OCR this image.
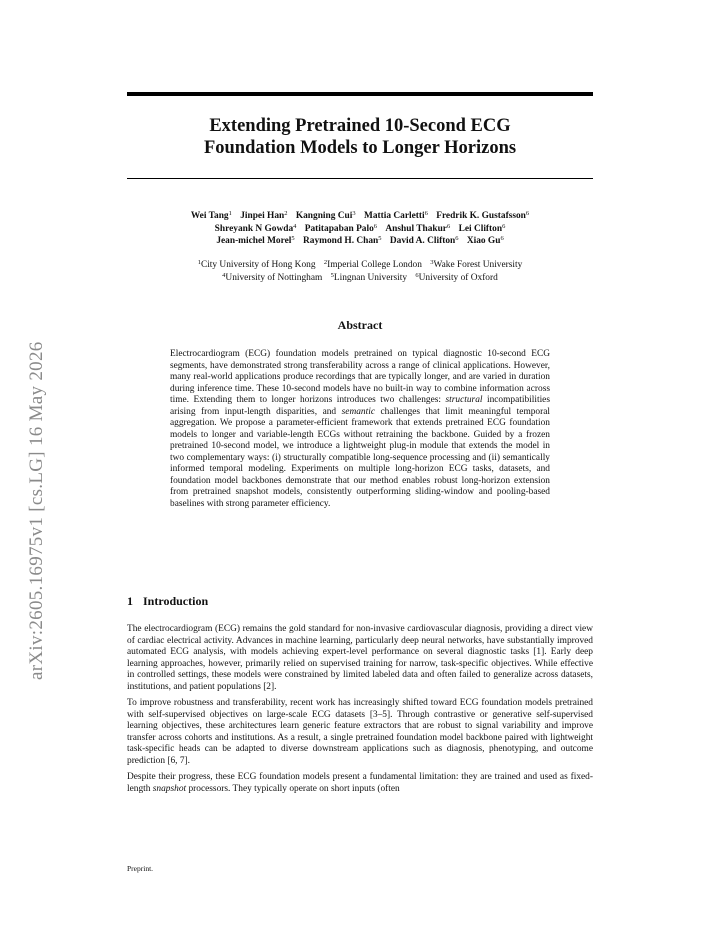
arXiv:2605.16975v1 [cs.LG] 16 May 2026
Extending Pretrained 10-Second ECG
Foundation Models to Longer Horizons
Wei Tang$^1$ Jinpei Han$^2$ Kangning Cui$^3$ Mattia Carletti$^6$ Fredrik K. Gustafsson$^6$
Shreyank N Gowda$^4$ Patitapaban Palo$^6$ Anshul Thakur$^6$ Lei Clifton$^6$
Jean-michel Morel$^5$ Raymond H. Chan$^5$ David A. Clifton$^6$ Xiao Gu$^6$
$^1$City University of Hong Kong $^2$Imperial College London $^3$Wake Forest University
$^4$University of Nottingham $^5$Lingnan University $^6$University of Oxford
Abstract

Electrocardiogram (ECG) foundation models pretrained on typical diagnostic 10-second ECG segments, have demonstrated strong transferability across a range of clinical applications. However, many real-world applications produce recordings that are typically longer, and are varied in duration during inference time. These 10-second models have no built-in way to combine information across time. Extending them to longer horizons introduces two challenges: structural incompatibilities arising from input-length disparities, and semantic challenges that limit meaningful temporal aggregation. We propose a parameter-efficient framework that extends pretrained ECG foundation models to longer and variable-length ECGs without retraining the backbone. Guided by a frozen pretrained 10-second model, we introduce a lightweight plug-in module that extends the model in two complementary ways: (i) structurally compatible long-sequence processing and (ii) semantically informed temporal modeling. Experiments on multiple long-horizon ECG tasks, datasets, and foundation model backbones demonstrate that our method enables robust long-horizon extension from pretrained snapshot models, consistently outperforming sliding-window and pooling-based baselines with strong parameter efficiency.

1 Introduction

The electrocardiogram (ECG) remains the gold standard for non-invasive cardiovascular diagnosis, providing a direct view of cardiac electrical activity. Advances in machine learning, particularly deep neural networks, have substantially improved automated ECG analysis, with models achieving expert-level performance on several diagnostic tasks [1]. Early deep learning approaches, however, primarily relied on supervised training for narrow, task-specific objectives. While effective in controlled settings, these models were constrained by limited labeled data and often failed to generalize across datasets, institutions, and patient populations [2].

To improve robustness and transferability, recent work has increasingly shifted toward ECG foundation models pretrained with self-supervised objectives on large-scale ECG datasets [3–5]. Through contrastive or generative self-supervised learning objectives, these architectures learn generic feature extractors that are robust to signal variability and improve transfer across cohorts and institutions. As a result, a single pretrained foundation model backbone paired with lightweight task-specific heads can be adapted to diverse downstream applications such as diagnosis, phenotyping, and outcome prediction [6, 7].

Despite their progress, these ECG foundation models present a fundamental limitation: they are trained and used as fixed-length snapshot processors. They typically operate on short inputs (often

Preprint.
